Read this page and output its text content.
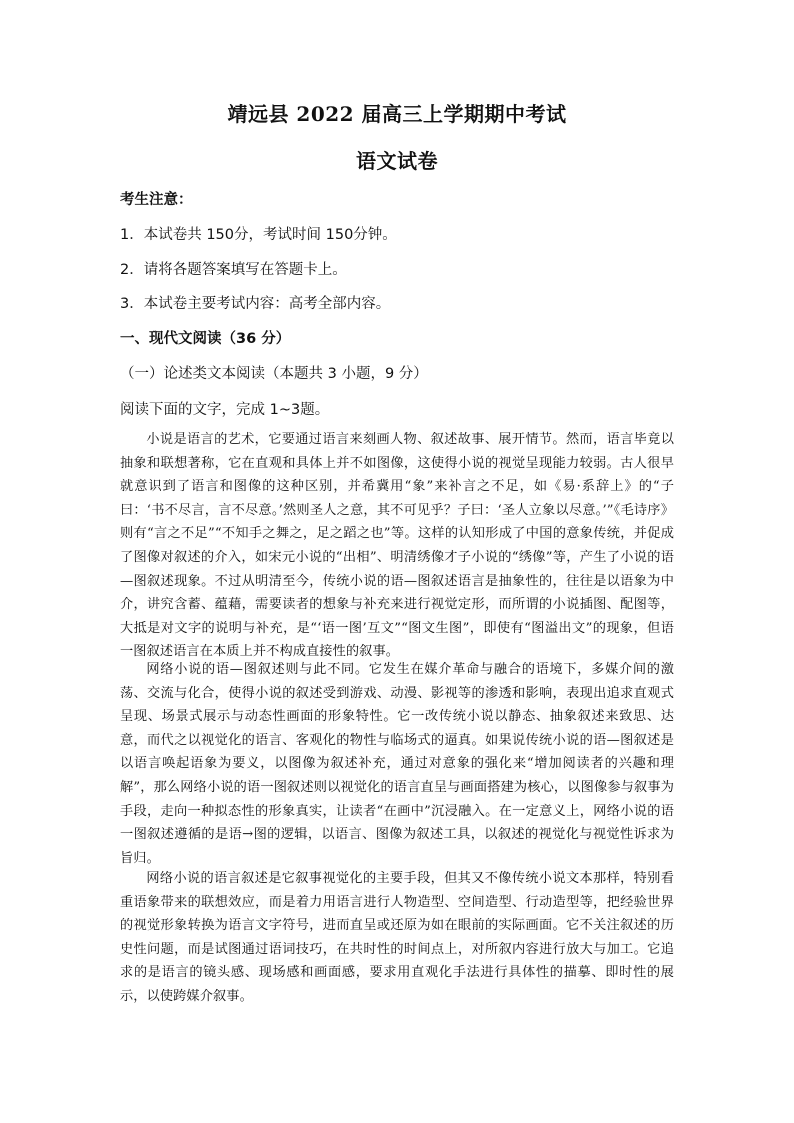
靖远县 2022 届高三上学期期中考试
语文试卷
考生注意：
1．本试卷共 150分，考试时间 150分钟。
2．请将各题答案填写在答题卡上。
3．本试卷主要考试内容：高考全部内容。
一、现代文阅读（36 分）
（一）论述类文本阅读（本题共 3 小题，9 分）
阅读下面的文字，完成 1~3题。

小说是语言的艺术，它要通过语言来刻画人物、叙述故事、展开情节。然而，语言毕竟以抽象和联想著称，它在直观和具体上并不如图像，这使得小说的视觉呈现能力较弱。古人很早就意识到了语言和图像的这种区别，并希冀用“象”来补言之不足，如《易·系辞上》的“子曰：‘书不尽言，言不尽意。’然则圣人之意，其不可见乎？子曰：‘圣人立象以尽意。’”《毛诗序》则有“言之不足”“不知手之舞之，足之蹈之也”等。这样的认知形成了中国的意象传统，并促成了图像对叙述的介入，如宋元小说的“出相”、明清绣像才子小说的“绣像”等，产生了小说的语—图叙述现象。不过从明清至今，传统小说的语—图叙述语言是抽象性的，往往是以语象为中介，讲究含蓄、蕴藉，需要读者的想象与补充来进行视觉定形，而所谓的小说插图、配图等，大抵是对文字的说明与补充，是“‘语一图’互文”“图文生图”，即使有“图溢出文”的现象，但语一图叙述语言在本质上并不构成直接性的叙事。

网络小说的语—图叙述则与此不同。它发生在媒介革命与融合的语境下，多媒介间的激荡、交流与化合，使得小说的叙述受到游戏、动漫、影视等的渗透和影响，表现出追求直观式呈现、场景式展示与动态性画面的形象特性。它一改传统小说以静态、抽象叙述来致思、达意，而代之以视觉化的语言、客观化的物性与临场式的逼真。如果说传统小说的语—图叙述是以语言唤起语象为要义，以图像为叙述补充，通过对意象的强化来“增加阅读者的兴趣和理解”，那么网络小说的语一图叙述则以视觉化的语言直呈与画面搭建为核心，以图像参与叙事为手段，走向一种拟态性的形象真实，让读者“在画中”沉浸融入。在一定意义上，网络小说的语一图叙述遵循的是语→图的逻辑，以语言、图像为叙述工具，以叙述的视觉化与视觉性诉求为旨归。

网络小说的语言叙述是它叙事视觉化的主要手段，但其又不像传统小说文本那样，特别看重语象带来的联想效应，而是着力用语言进行人物造型、空间造型、行动造型等，把经验世界的视觉形象转换为语言文字符号，进而直呈或还原为如在眼前的实际画面。它不关注叙述的历史性问题，而是试图通过语词技巧，在共时性的时间点上，对所叙内容进行放大与加工。它追求的是语言的镜头感、现场感和画面感，要求用直观化手法进行具体性的描摹、即时性的展示，以使跨媒介叙事。
